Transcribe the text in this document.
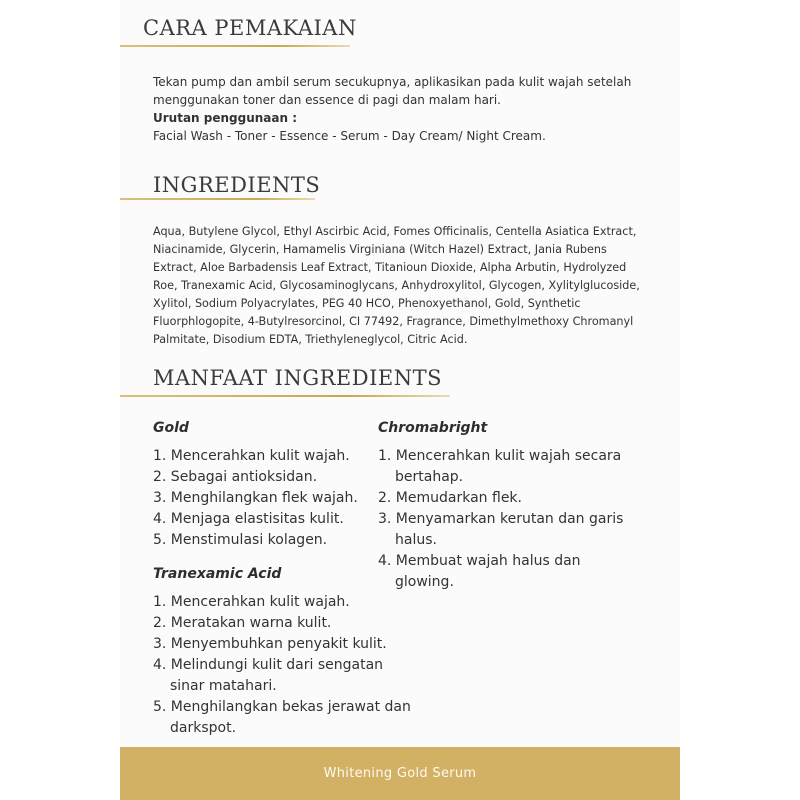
CARA PEMAKAIAN
Tekan pump dan ambil serum secukupnya, aplikasikan pada kulit wajah setelah
menggunakan toner dan essence di pagi dan malam hari.
Urutan penggunaan :
Facial Wash - Toner - Essence - Serum - Day Cream/ Night Cream.
INGREDIENTS
Aqua, Butylene Glycol, Ethyl Ascirbic Acid, Fomes Officinalis, Centella Asiatica Extract,
Niacinamide, Glycerin, Hamamelis Virginiana (Witch Hazel) Extract, Jania Rubens
Extract, Aloe Barbadensis Leaf Extract, Titanioun Dioxide, Alpha Arbutin, Hydrolyzed
Roe, Tranexamic Acid, Glycosaminoglycans, Anhydroxylitol, Glycogen, Xylitylglucoside,
Xylitol, Sodium Polyacrylates, PEG 40 HCO, Phenoxyethanol, Gold, Synthetic
Fluorphlogopite, 4-Butylresorcinol, CI 77492, Fragrance, Dimethylmethoxy Chromanyl
Palmitate, Disodium EDTA, Triethyleneglycol, Citric Acid.
MANFAAT INGREDIENTS
Gold
1. Mencerahkan kulit wajah.
2. Sebagai antioksidan.
3. Menghilangkan flek wajah.
4. Menjaga elastisitas kulit.
5. Menstimulasi kolagen.
Chromabright
1. Mencerahkan kulit wajah secara bertahap.
2. Memudarkan flek.
3. Menyamarkan kerutan dan garis halus.
4. Membuat wajah halus dan glowing.
Tranexamic Acid
1. Mencerahkan kulit wajah.
2. Meratakan warna kulit.
3. Menyembuhkan penyakit kulit.
4. Melindungi kulit dari sengatan sinar matahari.
5. Menghilangkan bekas jerawat dan darkspot.
Whitening Gold Serum
